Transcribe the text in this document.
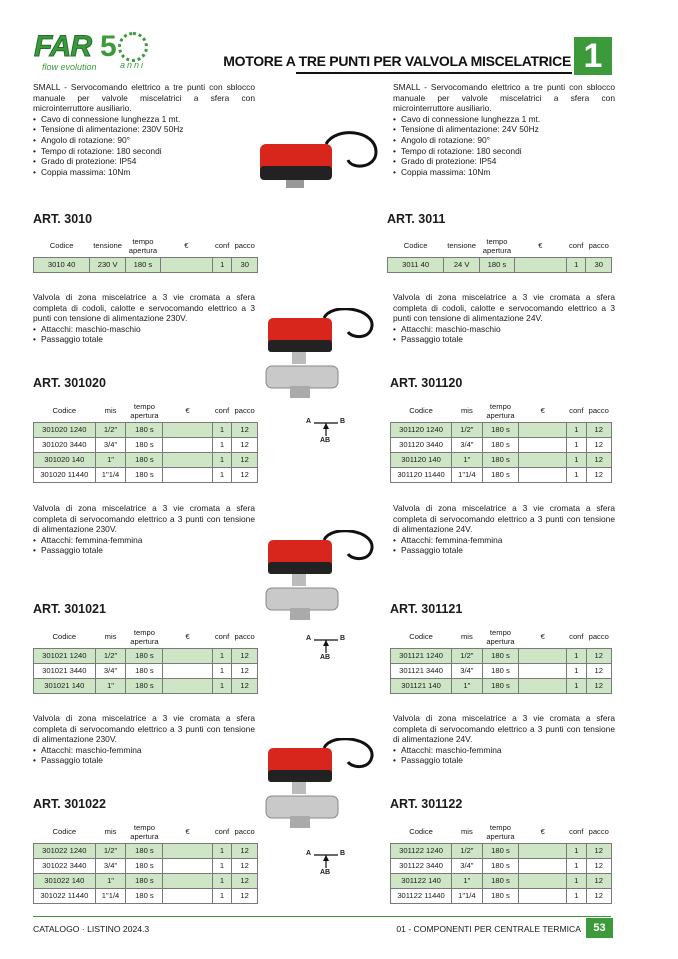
FAR 5
flow evolution	anni	MOTORE A TRE PUNTI PER VALVOLA MISCELATRICE 1
A	B
AB
A	B
AB
A	B
AB

SMALL - Servocomando elettrico a tre punti con sblocco manuale per valvole miscelatrici a sfera con microinterruttore ausiliario.

• Cavo di connessione lunghezza 1 mt.
• Tensione di alimentazione: 230V 50Hz
• Angolo di rotazione: 90°
• Tempo di rotazione: 180 secondi
• Grado di protezione: IP54
• Coppia massima: 10Nm
ART. 3010
Codice	tensione	tempo apertura	€	conf	pacco
3010 40	230 V	180 s		1	30

SMALL - Servocomando elettrico a tre punti con sblocco manuale per valvole miscelatrici a sfera con microinterruttore ausiliario.

• Cavo di connessione lunghezza 1 mt.
• Tensione di alimentazione: 24V 50Hz
• Angolo di rotazione: 90°
• Tempo di rotazione: 180 secondi
• Grado di protezione: IP54
• Coppia massima: 10Nm
ART. 3011
Codice	tensione	tempo apertura	€	conf	pacco
3011 40	24 V	180 s		1	30

Valvola di zona miscelatrice a 3 vie cromata a sfera completa di codoli, calotte e servocomando elettrico a 3 punti con tensione di alimentazione 230V.

• Attacchi: maschio-maschio
• Passaggio totale
ART. 301020
Codice	mis	tempo apertura	€	conf	pacco
301020 1240	1/2"	180 s		1	12
301020 3440	3/4"	180 s		1	12
301020 140	1"	180 s		1	12
301020 11440	1"1/4	180 s		1	12

Valvola di zona miscelatrice a 3 vie cromata a sfera completa di codoli, calotte e servocomando elettrico a 3 punti con tensione di alimentazione 24V.

• Attacchi: maschio-maschio
• Passaggio totale
ART. 301120
Codice	mis	tempo apertura	€	conf	pacco
301120 1240	1/2"	180 s		1	12
301120 3440	3/4"	180 s		1	12
301120 140	1"	180 s		1	12
301120 11440	1"1/4	180 s		1	12

Valvola di zona miscelatrice a 3 vie cromata a sfera completa di servocomando elettrico a 3 punti con tensione di alimentazione 230V.

• Attacchi: femmina-femmina
• Passaggio totale
ART. 301021
Codice	mis	tempo apertura	€	conf	pacco
301021 1240	1/2"	180 s		1	12
301021 3440	3/4"	180 s		1	12
301021 140	1"	180 s		1	12

Valvola di zona miscelatrice a 3 vie cromata a sfera completa di servocomando elettrico a 3 punti con tensione di alimentazione 24V.

• Attacchi: femmina-femmina
• Passaggio totale
ART. 301121
Codice	mis	tempo apertura	€	conf	pacco
301121 1240	1/2"	180 s		1	12
301121 3440	3/4"	180 s		1	12
301121 140	1"	180 s		1	12

Valvola di zona miscelatrice a 3 vie cromata a sfera completa di servocomando elettrico a 3 punti con tensione di alimentazione 230V.

• Attacchi: maschio-femmina
• Passaggio totale
ART. 301022
Codice	mis	tempo apertura	€	conf	pacco
301022 1240	1/2"	180 s		1	12
301022 3440	3/4"	180 s		1	12
301022 140	1"	180 s		1	12
301022 11440	1"1/4	180 s		1	12

Valvola di zona miscelatrice a 3 vie cromata a sfera completa di servocomando elettrico a 3 punti con tensione di alimentazione 24V.

• Attacchi: maschio-femmina
• Passaggio totale
ART. 301122
Codice	mis	tempo apertura	€	conf	pacco
301122 1240	1/2"	180 s		1	12
301122 3440	3/4"	180 s		1	12
301122 140	1"	180 s		1	12
301122 11440	1"1/4	180 s		1	12
CATALOGO · LISTINO 2024.3	01 - COMPONENTI PER CENTRALE TERMICA	53
